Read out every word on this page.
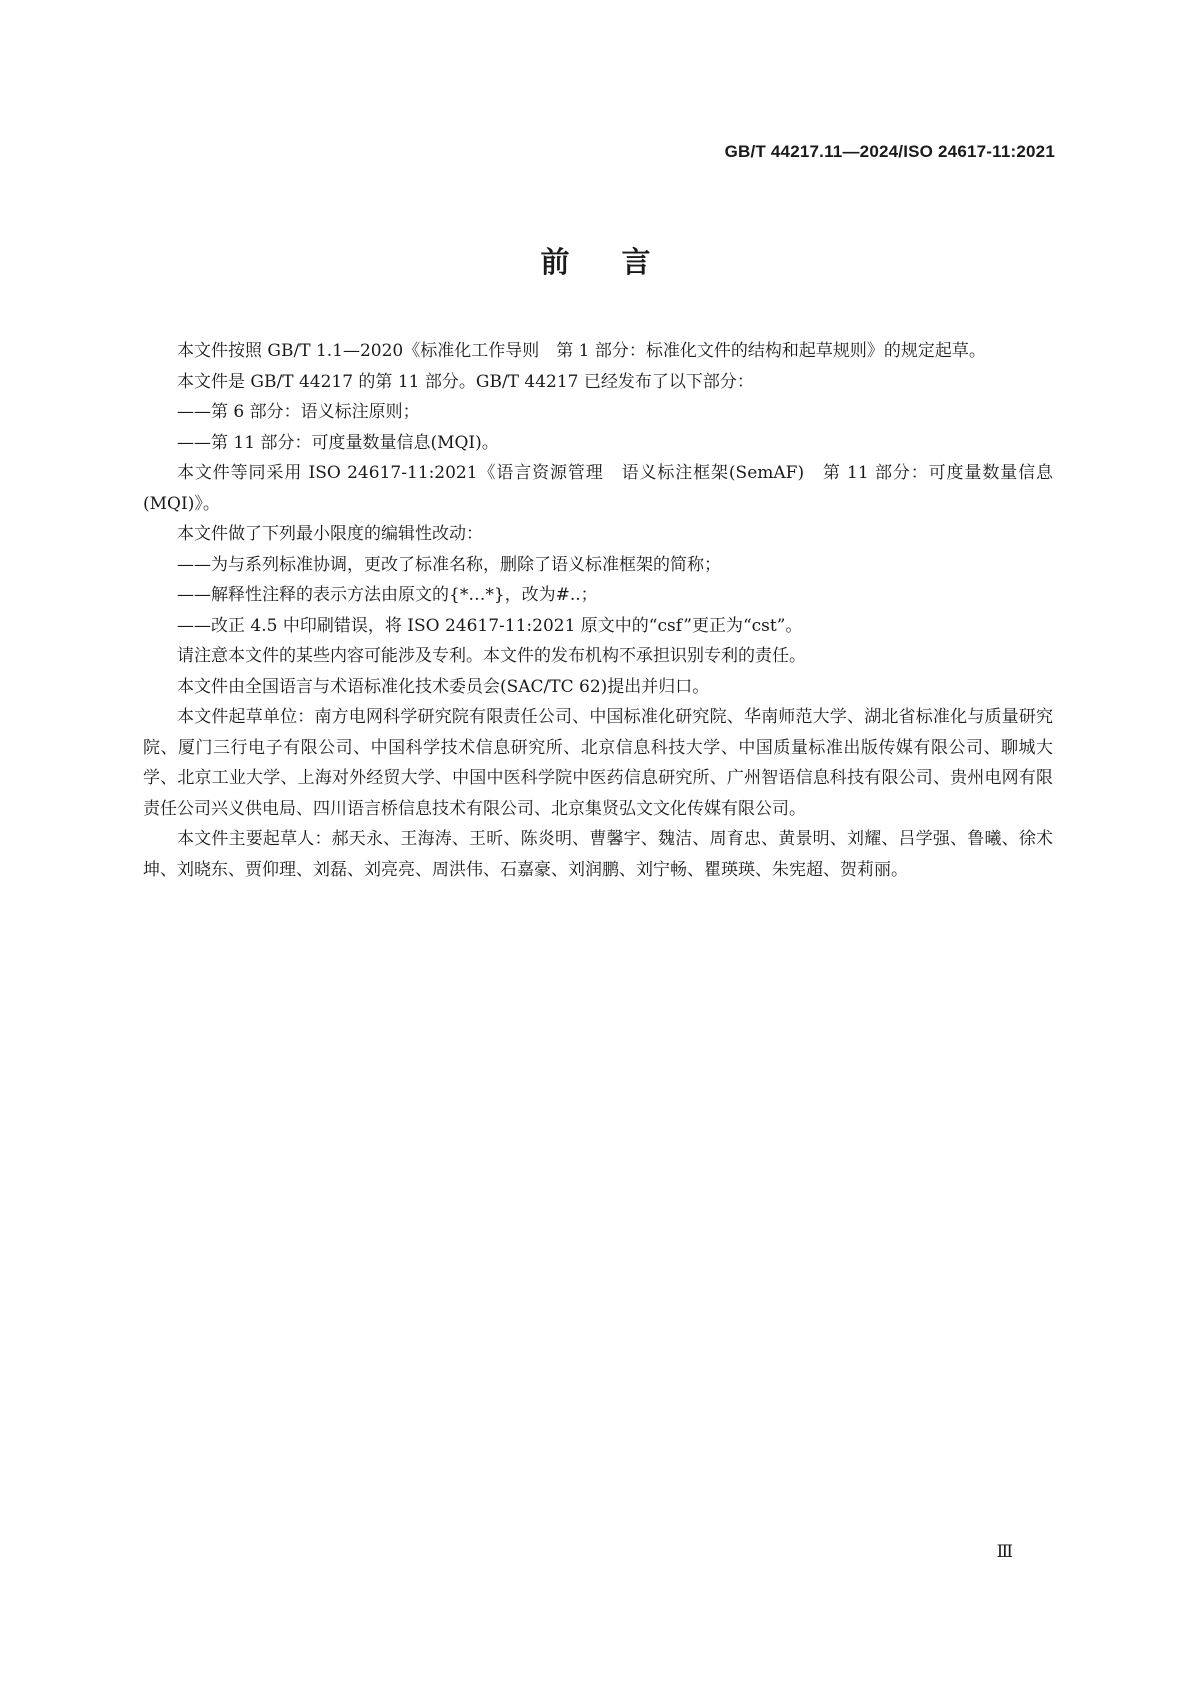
GB/T 44217.11—2024/ISO 24617-11:2021
前言

本文件按照 GB/T 1.1—2020《标准化工作导则　第 1 部分：标准化文件的结构和起草规则》的规定起草。

本文件是 GB/T 44217 的第 11 部分。GB/T 44217 已经发布了以下部分：

——第 6 部分：语义标注原则；

——第 11 部分：可度量数量信息(MQI)。

本文件等同采用 ISO 24617-11:2021《语言资源管理　语义标注框架(SemAF)　第 11 部分：可度量数量信息(MQI)》。

本文件做了下列最小限度的编辑性改动：

——为与系列标准协调，更改了标准名称，删除了语义标准框架的简称；

——解释性注释的表示方法由原文的{*…*}，改为#..；

——改正 4.5 中印刷错误，将 ISO 24617-11:2021 原文中的“csf”更正为“cst”。

请注意本文件的某些内容可能涉及专利。本文件的发布机构不承担识别专利的责任。

本文件由全国语言与术语标准化技术委员会(SAC/TC 62)提出并归口。

本文件起草单位：南方电网科学研究院有限责任公司、中国标准化研究院、华南师范大学、湖北省标准化与质量研究院、厦门三行电子有限公司、中国科学技术信息研究所、北京信息科技大学、中国质量标准出版传媒有限公司、聊城大学、北京工业大学、上海对外经贸大学、中国中医科学院中医药信息研究所、广州智语信息科技有限公司、贵州电网有限责任公司兴义供电局、四川语言桥信息技术有限公司、北京集贤弘文文化传媒有限公司。

本文件主要起草人：郝天永、王海涛、王昕、陈炎明、曹馨宇、魏洁、周育忠、黄景明、刘耀、吕学强、鲁曦、徐术坤、刘晓东、贾仰理、刘磊、刘亮亮、周洪伟、石嘉豪、刘润鹏、刘宁畅、瞿瑛瑛、朱宪超、贺莉丽。

Ⅲ
